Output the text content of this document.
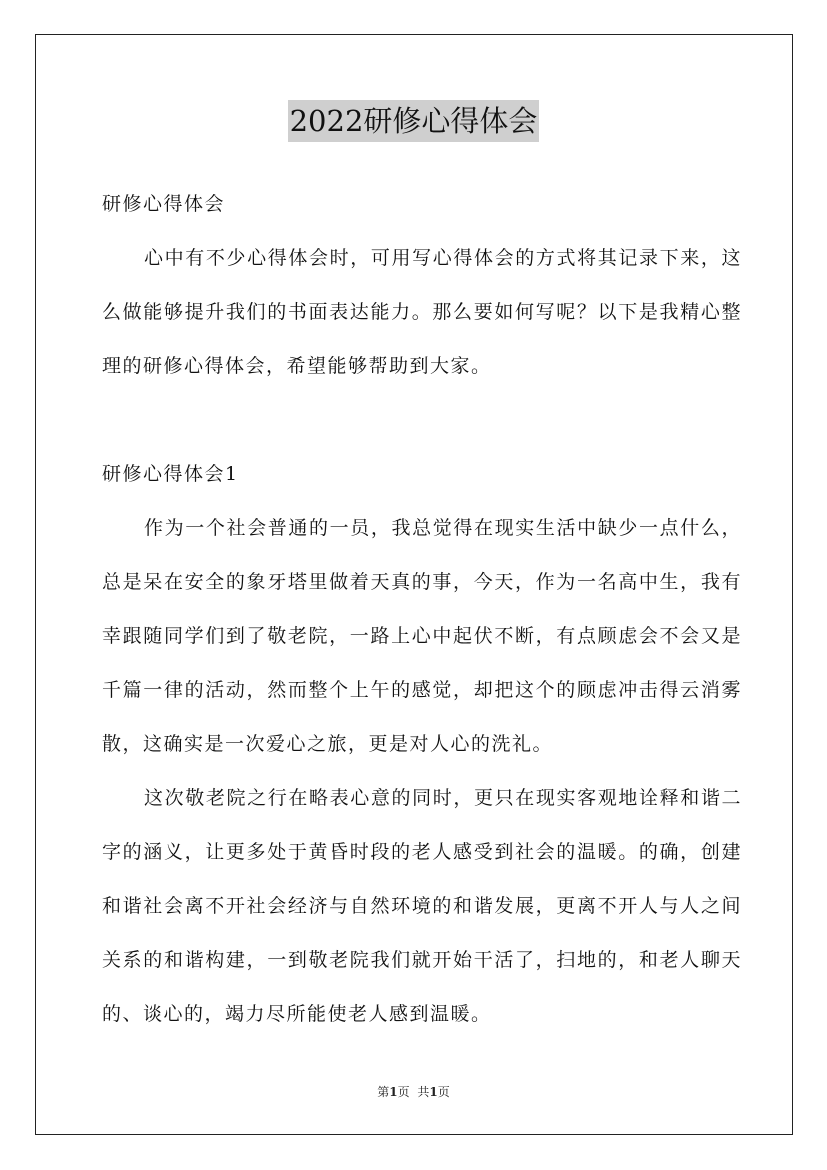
2022研修心得体会

研修心得体会

心中有不少心得体会时，可用写心得体会的方式将其记录下来，这么做能够提升我们的书面表达能力。那么要如何写呢？以下是我精心整理的研修心得体会，希望能够帮助到大家。

研修心得体会1

作为一个社会普通的一员，我总觉得在现实生活中缺少一点什么，总是呆在安全的象牙塔里做着天真的事，今天，作为一名高中生，我有幸跟随同学们到了敬老院，一路上心中起伏不断，有点顾虑会不会又是千篇一律的活动，然而整个上午的感觉，却把这个的顾虑冲击得云消雾散，这确实是一次爱心之旅，更是对人心的洗礼。

这次敬老院之行在略表心意的同时，更只在现实客观地诠释和谐二字的涵义，让更多处于黄昏时段的老人感受到社会的温暖。的确，创建和谐社会离不开社会经济与自然环境的和谐发展，更离不开人与人之间关系的和谐构建，一到敬老院我们就开始干活了，扫地的，和老人聊天的、谈心的，竭力尽所能使老人感到温暖。

第1页 共1页
